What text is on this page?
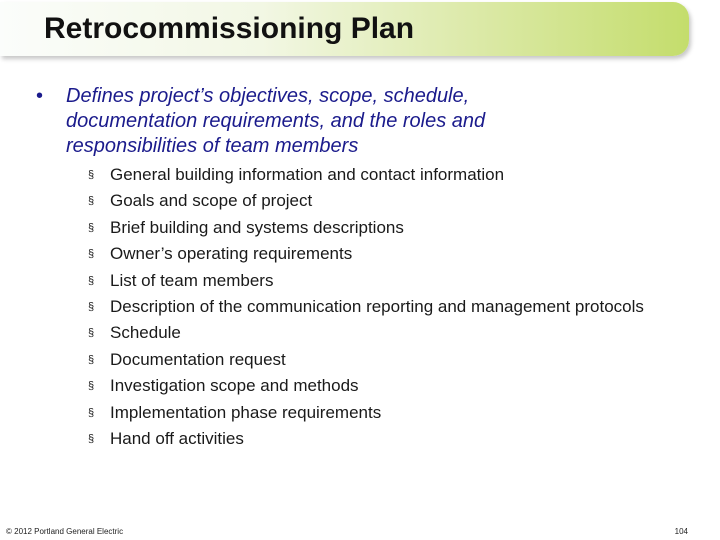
Retrocommissioning Plan
• Defines project’s objectives, scope, schedule, documentation requirements, and the roles and responsibilities of team members
§ General building information and contact information
§ Goals and scope of project
§ Brief building and systems descriptions
§ Owner’s operating requirements
§ List of team members
§ Description of the communication reporting and management protocols
§ Schedule
§ Documentation request
§ Investigation scope and methods
§ Implementation phase requirements
§ Hand off activities
© 2012 Portland General Electric	104
